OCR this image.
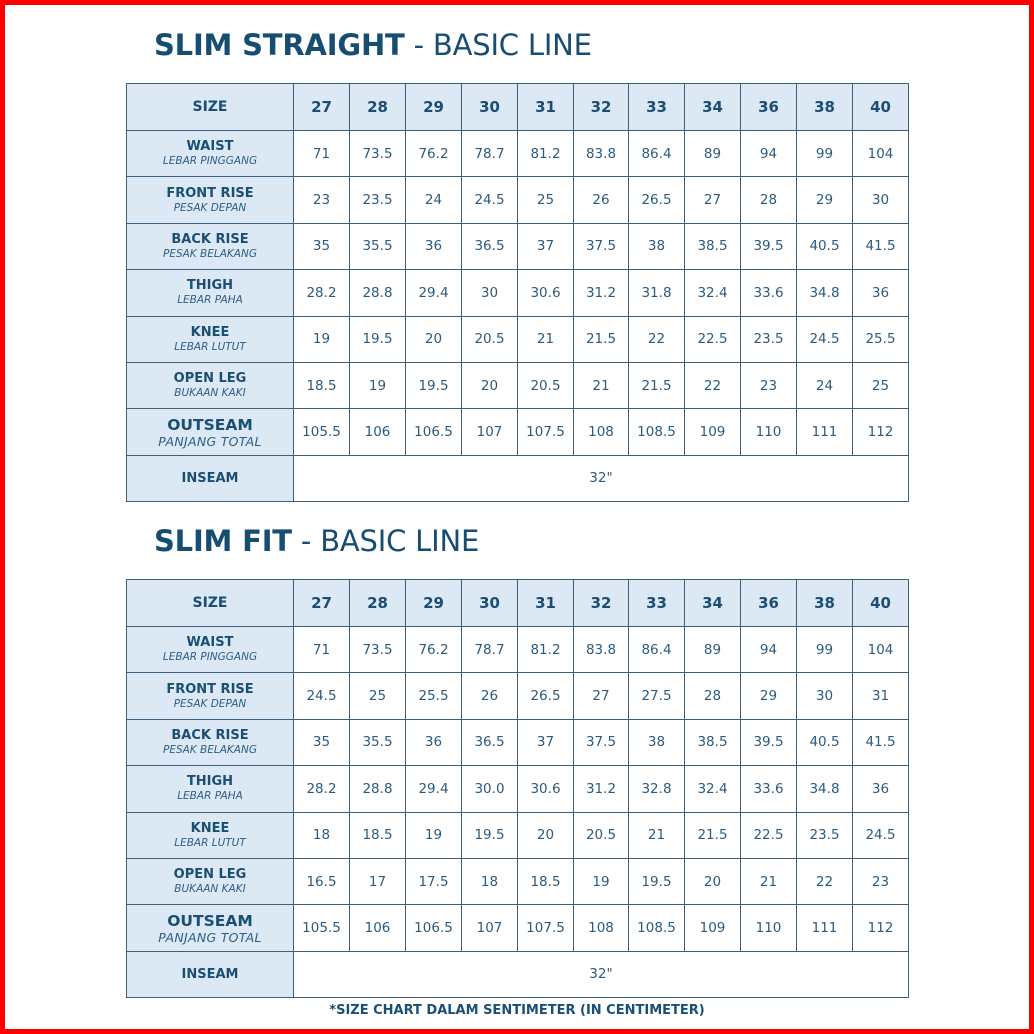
SLIM STRAIGHT - BASIC LINE
SIZE	27	28	29	30	31	32	33	34	36	38	40

WAIST
LEBAR PINGGANG	71	73.5	76.2	78.7	81.2	83.8	86.4	89	94	99	104

FRONT RISE
PESAK DEPAN	23	23.5	24	24.5	25	26	26.5	27	28	29	30

BACK RISE
PESAK BELAKANG	35	35.5	36	36.5	37	37.5	38	38.5	39.5	40.5	41.5

THIGH
LEBAR PAHA	28.2	28.8	29.4	30	30.6	31.2	31.8	32.4	33.6	34.8	36

KNEE
LEBAR LUTUT	19	19.5	20	20.5	21	21.5	22	22.5	23.5	24.5	25.5

OPEN LEG
BUKAAN KAKI	18.5	19	19.5	20	20.5	21	21.5	22	23	24	25

OUTSEAM
PANJANG TOTAL	105.5	106	106.5	107	107.5	108	108.5	109	110	111	112

INSEAM	32"										
SLIM FIT - BASIC LINE
SIZE	27	28	29	30	31	32	33	34	36	38	40

WAIST
LEBAR PINGGANG	71	73.5	76.2	78.7	81.2	83.8	86.4	89	94	99	104

FRONT RISE
PESAK DEPAN	24.5	25	25.5	26	26.5	27	27.5	28	29	30	31

BACK RISE
PESAK BELAKANG	35	35.5	36	36.5	37	37.5	38	38.5	39.5	40.5	41.5

THIGH
LEBAR PAHA	28.2	28.8	29.4	30.0	30.6	31.2	32.8	32.4	33.6	34.8	36

KNEE
LEBAR LUTUT	18	18.5	19	19.5	20	20.5	21	21.5	22.5	23.5	24.5

OPEN LEG
BUKAAN KAKI	16.5	17	17.5	18	18.5	19	19.5	20	21	22	23

OUTSEAM
PANJANG TOTAL	105.5	106	106.5	107	107.5	108	108.5	109	110	111	112

INSEAM	32"										
*SIZE CHART DALAM SENTIMETER (IN CENTIMETER)
